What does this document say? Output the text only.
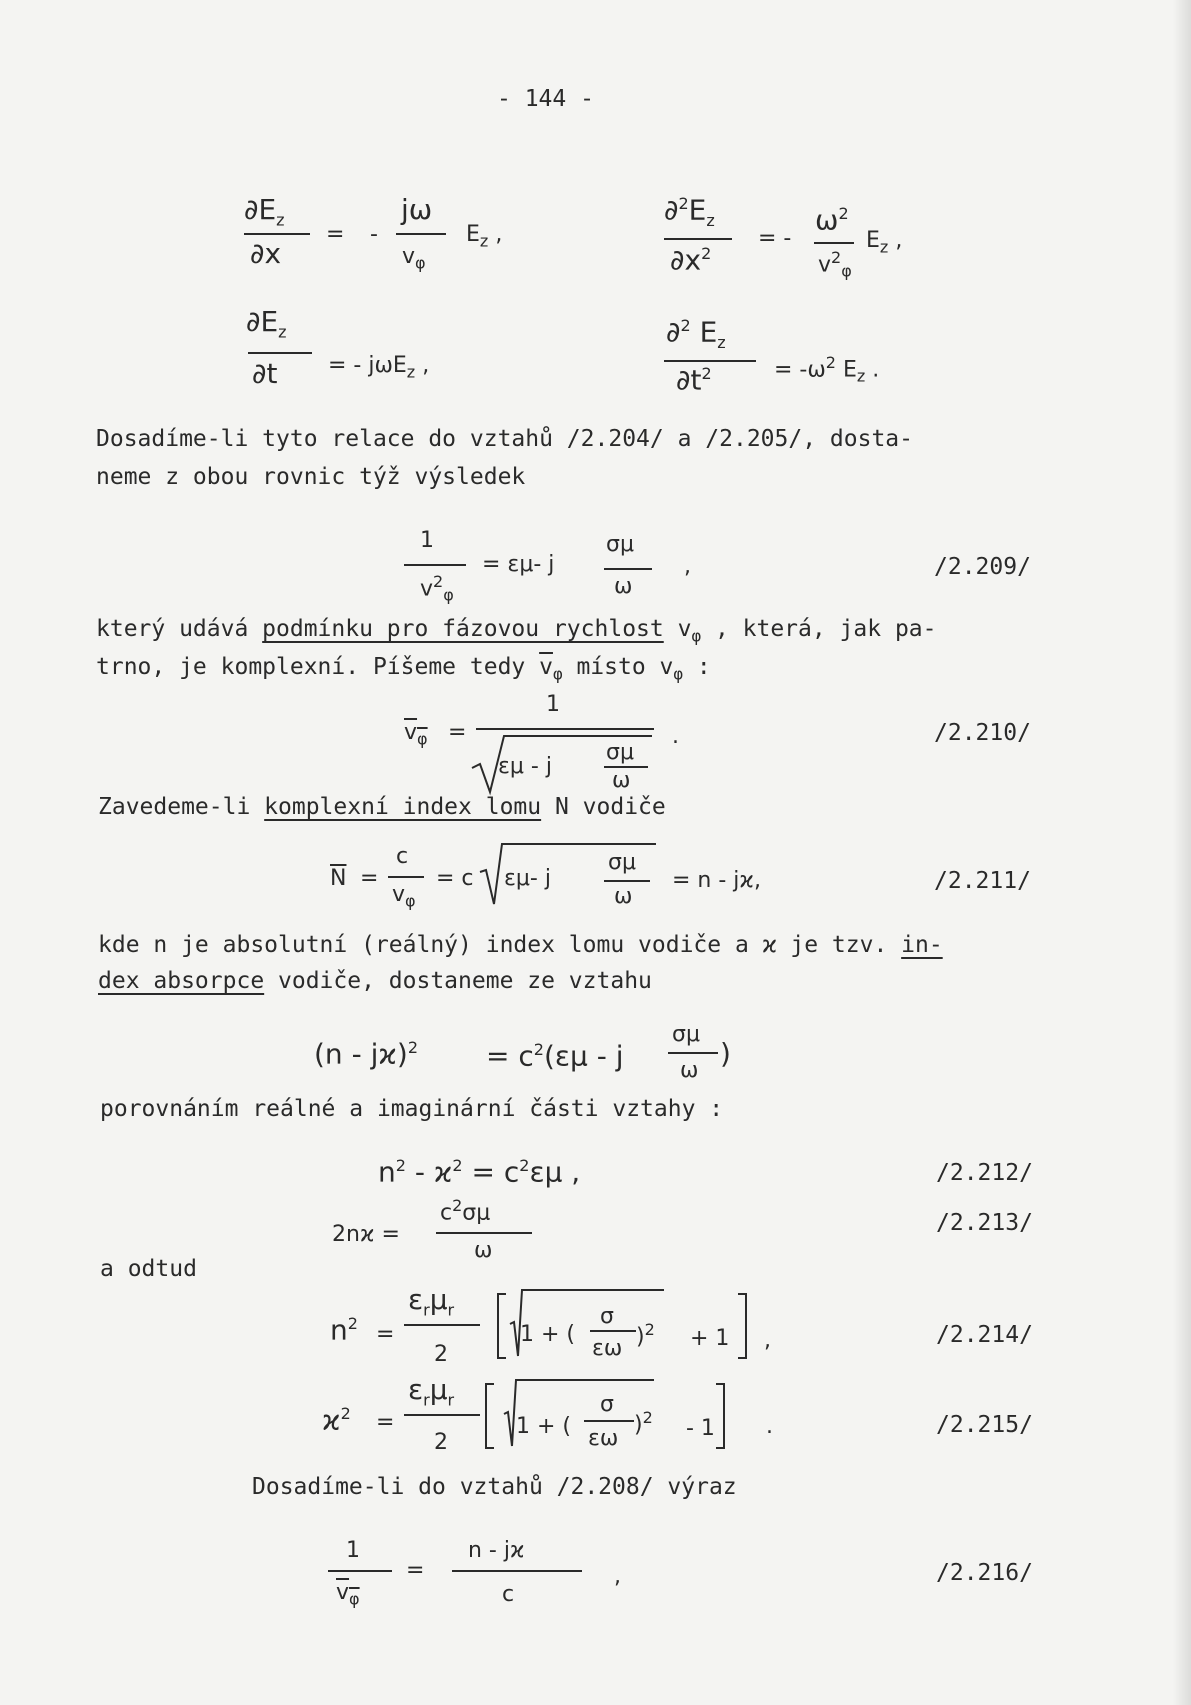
- 144 -
$\partial E_z$
∂x
= -
jω
$v_\varphi$
$E_z$ ,
$\partial^2E_z$
$\partial x^2$
= -
$\omega^2$
$v^2_\varphi$
$E_z$ ,
$\partial E_z$
∂t = - jωE$_z$ ,
∂$^2$ $E_z$
$\partial t^2$	= $-\omega^2$ $E_z$ .
Dosadíme-li tyto relace do vztahů /2.204/ a /2.205/, dosta-
neme z obou rovnic týž výsledek
1
$v^2_\varphi$
= εμ- j
σμ
ω
,	/2.209/
který udává podmínku pro fázovou rychlost $v_\varphi$ , která, jak pa-
trno, je komplexní. Píšeme tedy $\overline{v}_\varphi$ místo $v_\varphi$ :
$v_\varphi$ =
1
εμ - j
σμ
ω
.	/2.210/
Zavedeme-li komplexní index lomu N vodiče
$\overline{N}$ =
c
$v_\varphi$
= c εμ- j
σμ
ω
= n - jϰ,	/2.211/
kde n je absolutní (reálný) index lomu vodiče a ϰ je tzv. in-
dex absorpce vodiče, dostaneme ze vztahu
$(n - jϰ)^2 = c^2(\varepsilon\mu - j$
σμ
ω
)
porovnáním reálné a imaginární části vztahy :
$n^2 - ϰ^2 = c^2\varepsilon\mu$ ,	/2.212/
2nϰ =
$c^2\sigma\mu$
ω
/2.213/
a odtud
$n^2$ =
$\varepsilon_r\mu_r$
2
1 + (
σ
εω )$^2$ + 1 ,	/2.214/
$ϰ^2$ =
$\varepsilon_r\mu_r$
2
1 + (
σ
εω
)$^2$ - 1 .	/2.215/
Dosadíme-li do vztahů /2.208/ výraz
1
$v_\varphi$
=
n - jϰ
c
,	/2.216/
